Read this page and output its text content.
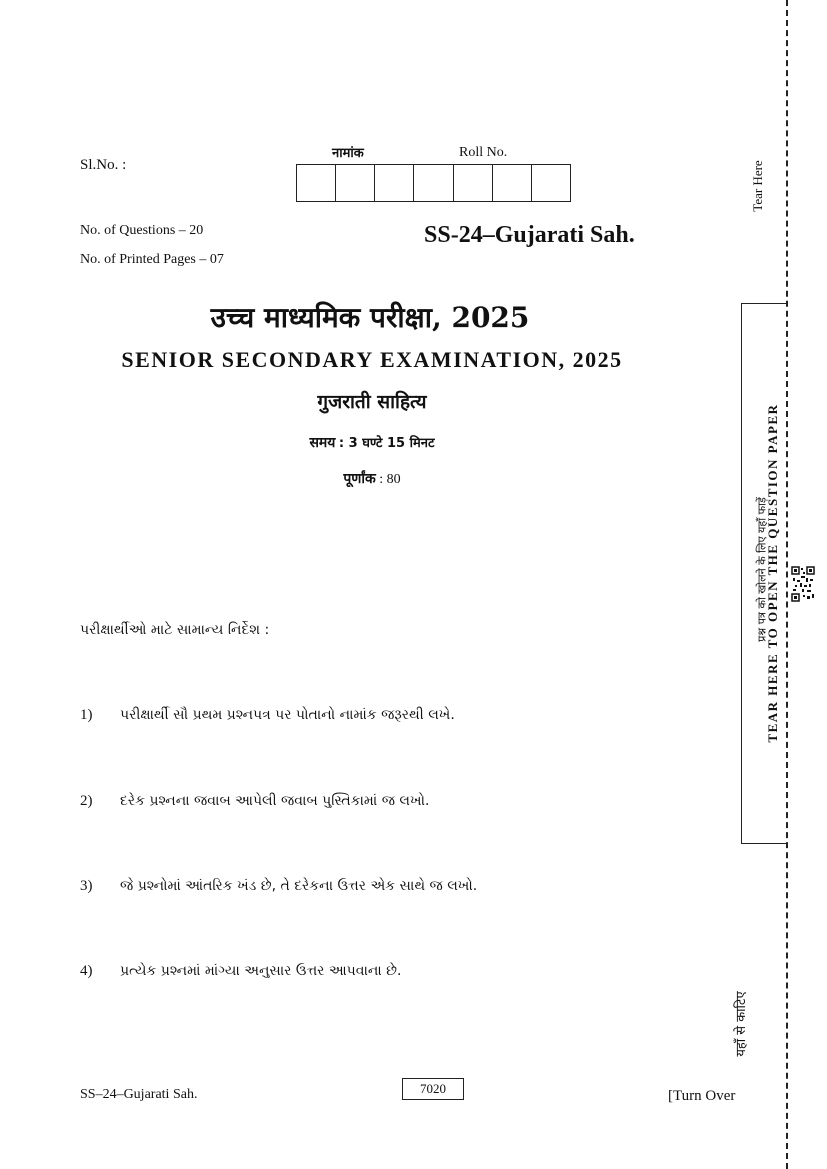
Sl.No. :
नामांक	Roll No.
No. of Questions – 20
No. of Printed Pages – 07
SS-24–Gujarati Sah.
उच्च माध्यमिक परीक्षा, 2025
SENIOR SECONDARY EXAMINATION, 2025
गुजराती साहित्य
समय : 3 घण्टे 15 मिनट
पूर्णांक : 80
પરીક્ષાર્થીઓ માટે સામાન્ય નિર્દેશ :
1) પરીક્ષાર્થી સૌ પ્રથમ પ્રશ્નપત્ર પર પોતાનો નામાંક જરૂરથી લખે.
2) દરેક પ્રશ્નના જવાબ આપેલી જવાબ પુસ્તિકામાં જ લખો.
3) જે પ્રશ્નોમાં આંતરિક ખંડ છે, તે દરેકના ઉત્તર એક સાથે જ લખો.
4) પ્રત્યેક પ્રશ્નમાં માંગ્યા અનુસાર ઉત્તર આપવાના છે.
SS–24–Gujarati Sah.	7020	[Turn Over
Tear Here
TEAR HERE TO OPEN THE QUESTION PAPER
प्रश्न पत्र को खोलने के लिए यहाँ फाड़ें
यहाँ से काटिए
